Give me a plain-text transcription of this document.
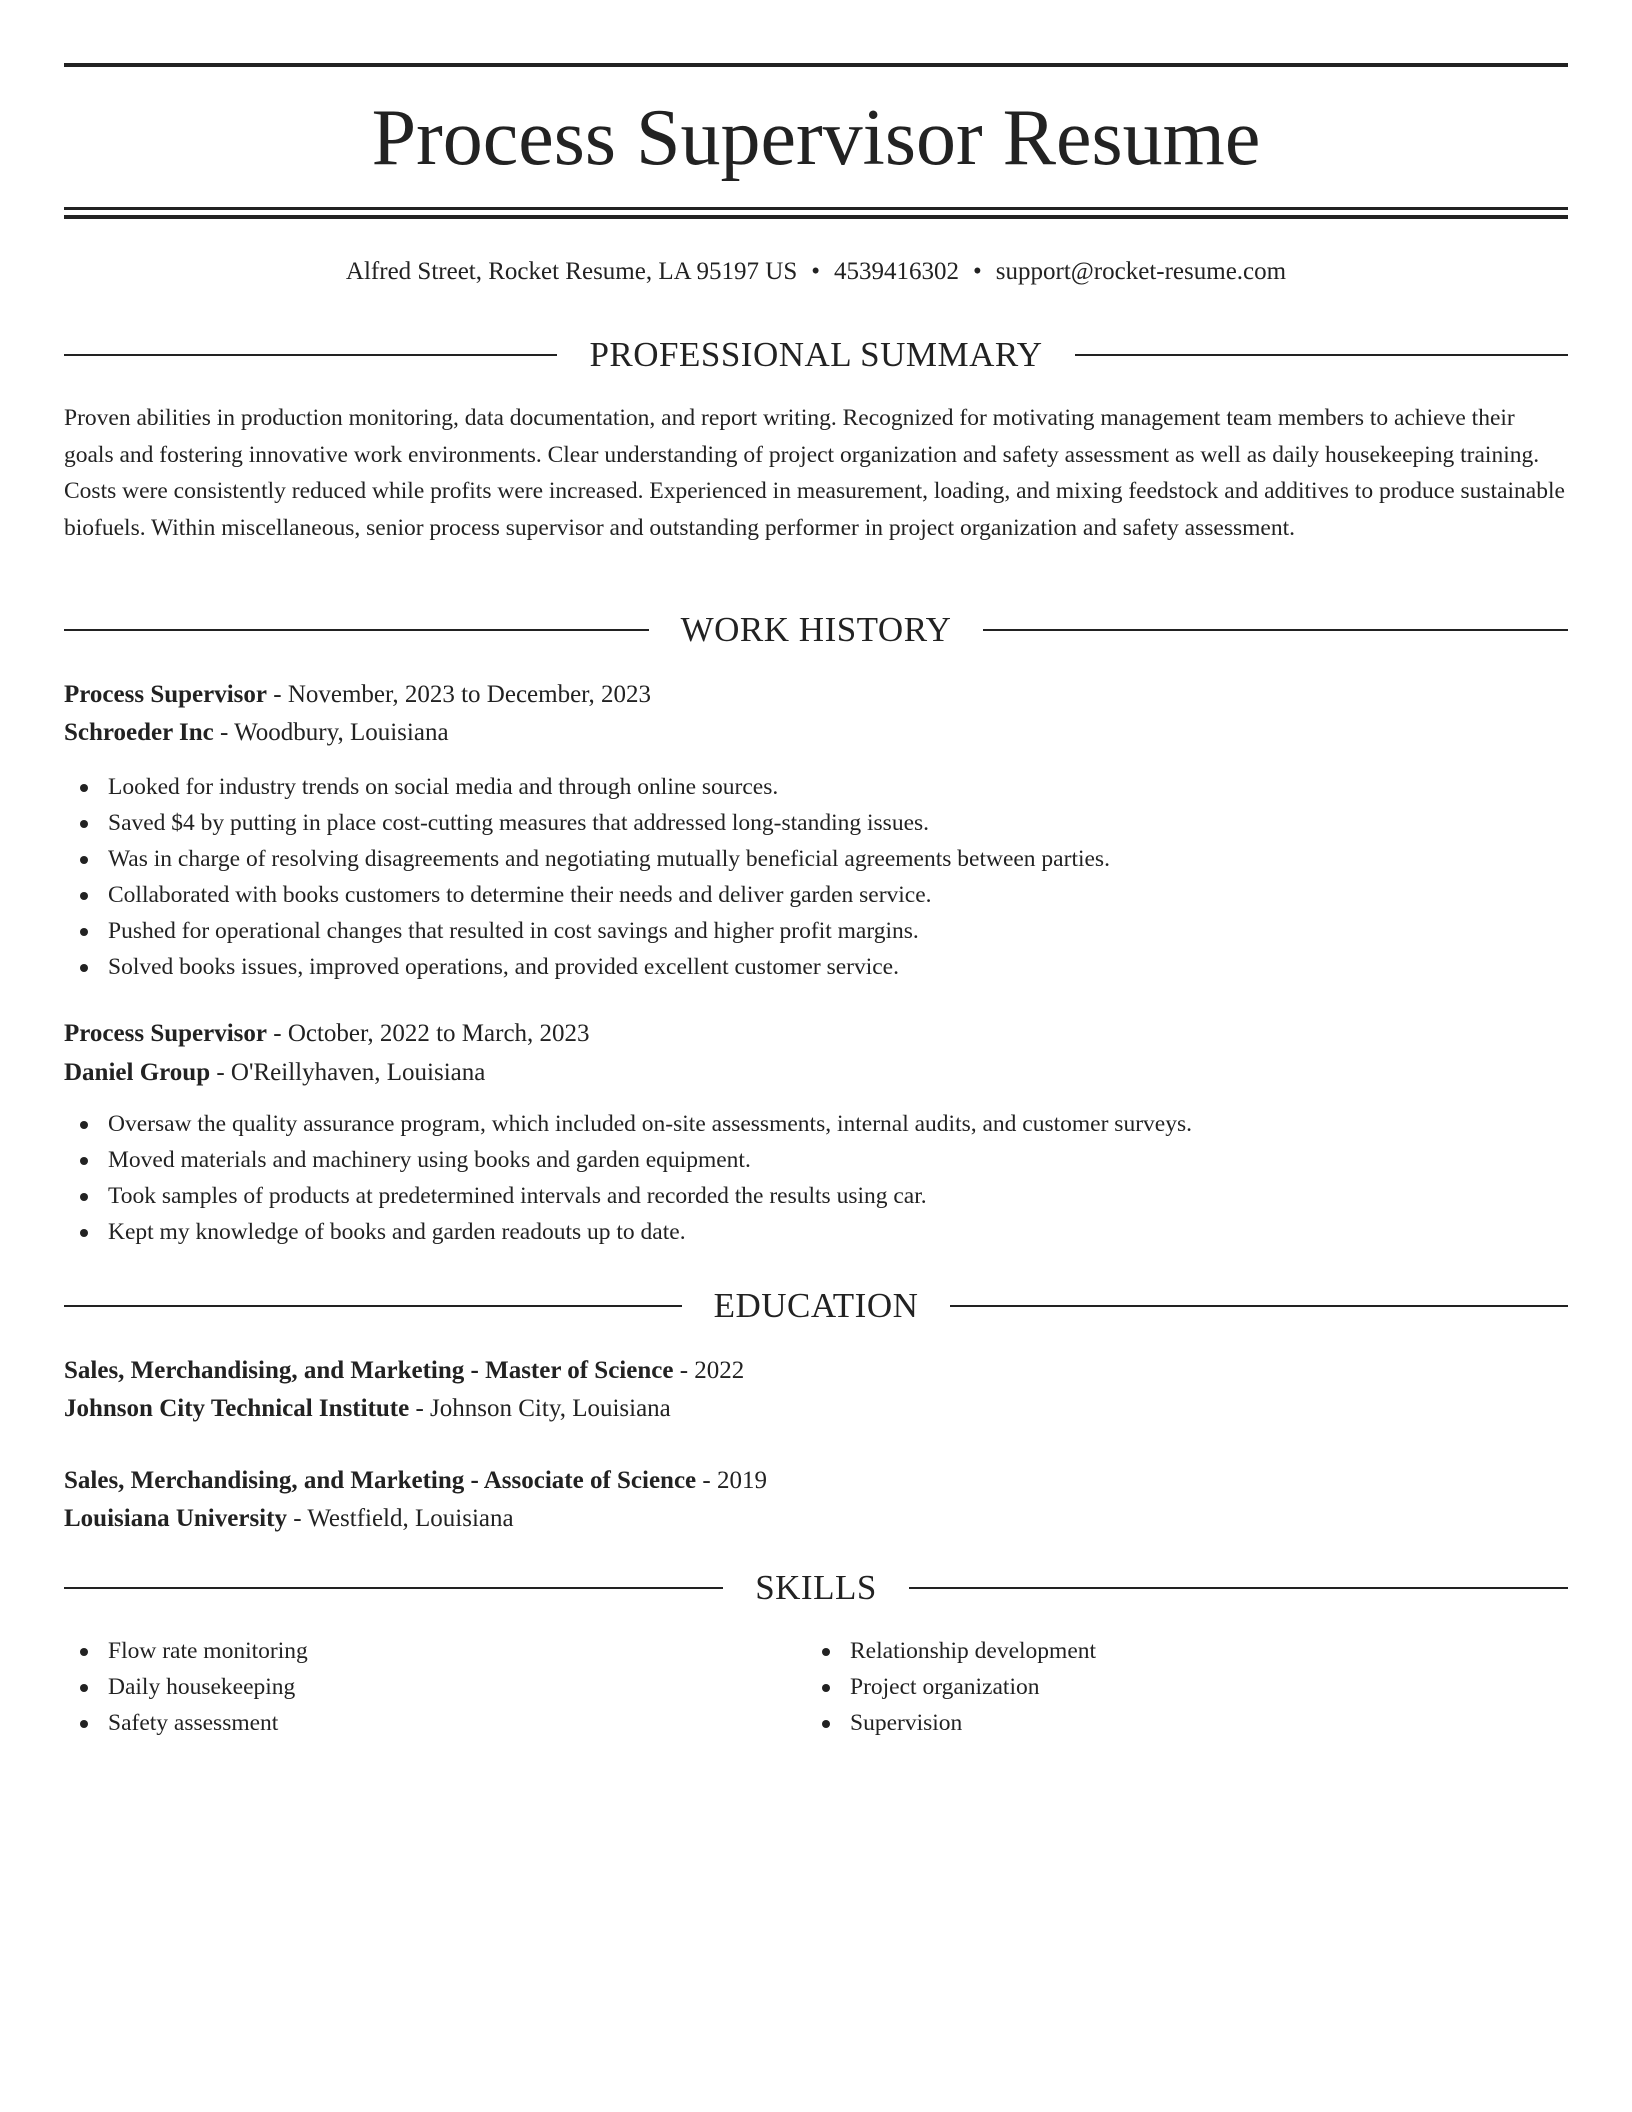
Process Supervisor Resume
Alfred Street, Rocket Resume, LA 95197 US • 4539416302 • support@rocket-resume.com
PROFESSIONAL SUMMARY

Proven abilities in production monitoring, data documentation, and report writing. Recognized for motivating management team members to achieve their goals and fostering innovative work environments. Clear understanding of project organization and safety assessment as well as daily housekeeping training. Costs were consistently reduced while profits were increased. Experienced in measurement, loading, and mixing feedstock and additives to produce sustainable biofuels. Within miscellaneous, senior process supervisor and outstanding performer in project organization and safety assessment.

WORK HISTORY
Process Supervisor - November, 2023 to December, 2023
Schroeder Inc - Woodbury, Louisiana
Looked for industry trends on social media and through online sources.
Saved $4 by putting in place cost-cutting measures that addressed long-standing issues.
Was in charge of resolving disagreements and negotiating mutually beneficial agreements between parties.
Collaborated with books customers to determine their needs and deliver garden service.
Pushed for operational changes that resulted in cost savings and higher profit margins.
Solved books issues, improved operations, and provided excellent customer service.
Process Supervisor - October, 2022 to March, 2023
Daniel Group - O'Reillyhaven, Louisiana
Oversaw the quality assurance program, which included on-site assessments, internal audits, and customer surveys.
Moved materials and machinery using books and garden equipment.
Took samples of products at predetermined intervals and recorded the results using car.
Kept my knowledge of books and garden readouts up to date.
EDUCATION
Sales, Merchandising, and Marketing - Master of Science - 2022
Johnson City Technical Institute - Johnson City, Louisiana
Sales, Merchandising, and Marketing - Associate of Science - 2019
Louisiana University - Westfield, Louisiana
SKILLS
Flow rate monitoring
Daily housekeeping
Safety assessment
Relationship development
Project organization
Supervision
